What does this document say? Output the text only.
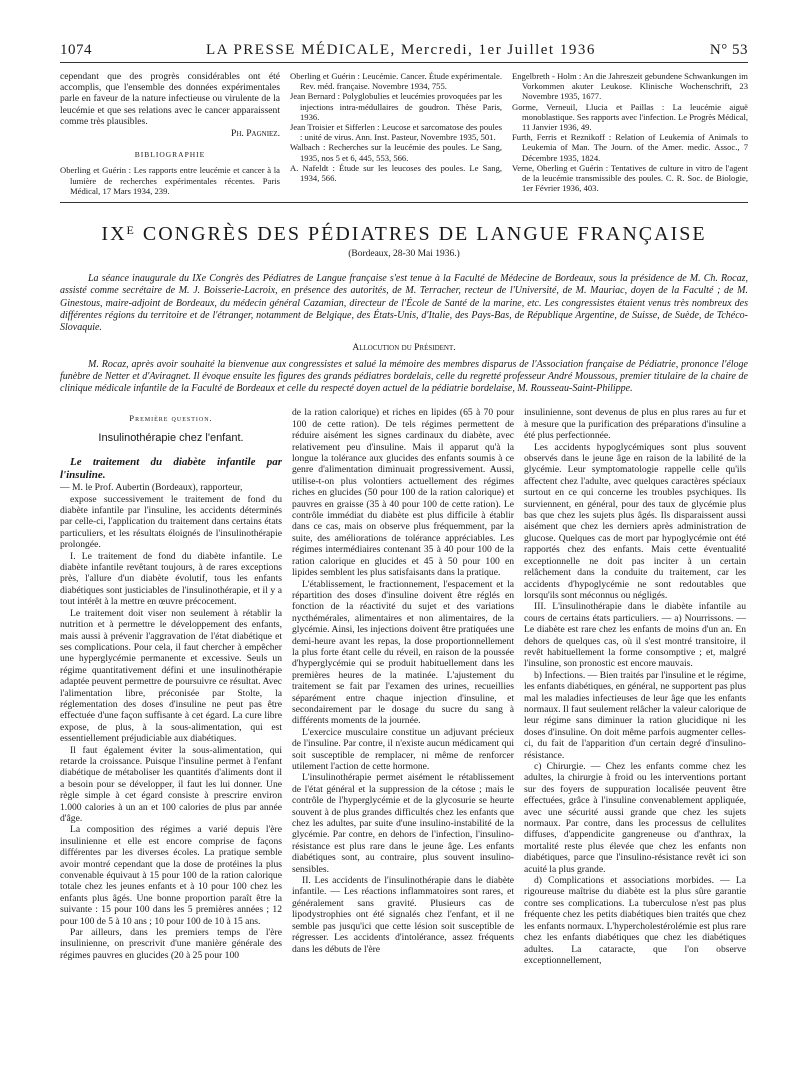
1074	LA PRESSE MÉDICALE, Mercredi, 1er Juillet 1936	N° 53

cependant que des progrès considérables ont été accomplis, que l'ensemble des données expérimentales parle en faveur de la nature infectieuse ou virulente de la leucémie et que ses relations avec le cancer apparaissent comme très plausibles.

Ph. Pagniez.
BIBLIOGRAPHIE

Oberling et Guérin : Les rapports entre leucémie et cancer à la lumière de recherches expérimentales récentes. Paris Médical, 17 Mars 1934, 239.

Oberling et Guérin : Leucémie. Cancer. Étude expérimentale. Rev. méd. française. Novembre 1934, 755.

Jean Bernard : Polyglobulies et leucémies provoquées par les injections intra-médullaires de goudron. Thèse Paris, 1936.

Jean Troisier et Sifferlen : Leucose et sarcomatose des poules : unité de virus. Ann. Inst. Pasteur, Novembre 1935, 501.

Walbach : Recherches sur la leucémie des poules. Le Sang, 1935, nos 5 et 6, 445, 553, 566.

A. Nafeldt : Étude sur les leucoses des poules. Le Sang, 1934, 566.

Engelbreth - Holm : An die Jahreszeit gebundene Schwankungen im Vorkommen akuter Leukose. Klinische Wochenschrift, 23 Novembre 1935, 1677.

Gorme, Verneuil, Llucia et Paillas : La leucémie aiguë monoblastique. Ses rapports avec l'infection. Le Progrès Médical, 11 Janvier 1936, 49.

Furth, Ferris et Reznikoff : Relation of Leukemia of Animals to Leukemia of Man. The Journ. of the Amer. medic. Assoc., 7 Décembre 1935, 1824.

Verne, Oberling et Guérin : Tentatives de culture in vitro de l'agent de la leucémie transmissible des poules. C. R. Soc. de Biologie, 1er Février 1936, 403.

$IX^E$ CONGRÈS DES PÉDIATRES DE LANGUE FRANÇAISE
(Bordeaux, 28-30 Mai 1936.)

La séance inaugurale du IXe Congrès des Pédiatres de Langue française s'est tenue à la Faculté de Médecine de Bordeaux, sous la présidence de M. Ch. Rocaz, assisté comme secrétaire de M. J. Boisserie-Lacroix, en présence des autorités, de M. Terracher, recteur de l'Université, de M. Mauriac, doyen de la Faculté ; de M. Ginestous, maire-adjoint de Bordeaux, du médecin général Cazamian, directeur de l'École de Santé de la marine, etc. Les congressistes étaient venus très nombreux des différentes régions du territoire et de l'étranger, notamment de Belgique, des États-Unis, d'Italie, des Pays-Bas, de République Argentine, de Suisse, de Suède, de Tchéco-Slovaquie.

Allocution du Président.

M. Rocaz, après avoir souhaité la bienvenue aux congressistes et salué la mémoire des membres disparus de l'Association française de Pédiatrie, prononce l'éloge funèbre de Netter et d'Aviragnet. Il évoque ensuite les figures des grands pédiatres bordelais, celle du regretté professeur André Moussous, premier titulaire de la chaire de clinique médicale infantile de la Faculté de Bordeaux et celle du respecté doyen actuel de la pédiatrie bordelaise, M. Rousseau-Saint-Philippe.

Première question.
Insulinothérapie chez l'enfant.

Le traitement du diabète infantile par l'insuline.

— M. le Prof. Aubertin (Bordeaux), rapporteur,

expose successivement le traitement de fond du diabète infantile par l'insuline, les accidents déterminés par celle-ci, l'application du traitement dans certains états particuliers, et les résultats éloignés de l'insulinothérapie prolongée.

I. Le traitement de fond du diabète infantile. Le diabète infantile revêtant toujours, à de rares exceptions près, l'allure d'un diabète évolutif, tous les enfants diabétiques sont justiciables de l'insulinothérapie, et il y a tout intérêt à la mettre en œuvre précocement.

Le traitement doit viser non seulement à rétablir la nutrition et à permettre le développement des enfants, mais aussi à prévenir l'aggravation de l'état diabétique et ses complications. Pour cela, il faut chercher à empêcher une hyperglycémie permanente et excessive. Seuls un régime quantitativement défini et une insulinothérapie adaptée peuvent permettre de poursuivre ce résultat. Avec l'alimentation libre, préconisée par Stolte, la réglementation des doses d'insuline ne peut pas être effectuée d'une façon suffisante à cet égard. La cure libre expose, de plus, à la sous-alimentation, qui est essentiellement préjudiciable aux diabétiques.

Il faut également éviter la sous-alimentation, qui retarde la croissance. Puisque l'insuline permet à l'enfant diabétique de métaboliser les quantités d'aliments dont il a besoin pour se développer, il faut les lui donner. Une règle simple à cet égard consiste à prescrire environ 1.000 calories à un an et 100 calories de plus par année d'âge.

La composition des régimes a varié depuis l'ère insulinienne et elle est encore comprise de façons différentes par les diverses écoles. La pratique semble avoir montré cependant que la dose de protéines la plus convenable équivaut à 15 pour 100 de la ration calorique totale chez les jeunes enfants et à 10 pour 100 chez les enfants plus âgés. Une bonne proportion paraît être la suivante : 15 pour 100 dans les 5 premières années ; 12 pour 100 de 5 à 10 ans ; 10 pour 100 de 10 à 15 ans.

Par ailleurs, dans les premiers temps de l'ère insulinienne, on prescrivit d'une manière générale des régimes pauvres en glucides (20 à 25 pour 100

de la ration calorique) et riches en lipides (65 à 70 pour 100 de cette ration). De tels régimes permettent de réduire aisément les signes cardinaux du diabète, avec relativement peu d'insuline. Mais il apparut qu'à la longue la tolérance aux glucides des enfants soumis à ce genre d'alimentation diminuait progressivement. Aussi, utilise-t-on plus volontiers actuellement des régimes riches en glucides (50 pour 100 de la ration calorique) et pauvres en graisse (35 à 40 pour 100 de cette ration). Le contrôle immédiat du diabète est plus difficile à établir dans ce cas, mais on observe plus fréquemment, par la suite, des améliorations de tolérance appréciables. Les régimes intermédiaires contenant 35 à 40 pour 100 de la ration calorique en glucides et 45 à 50 pour 100 en lipides semblent les plus satisfaisants dans la pratique.

L'établissement, le fractionnement, l'espacement et la répartition des doses d'insuline doivent être réglés en fonction de la réactivité du sujet et des variations nycthémérales, alimentaires et non alimentaires, de la glycémie. Ainsi, les injections doivent être pratiquées une demi-heure avant les repas, la dose proportionnellement la plus forte étant celle du réveil, en raison de la poussée d'hyperglycémie qui se produit habituellement dans les premières heures de la matinée. L'ajustement du traitement se fait par l'examen des urines, recueillies séparément entre chaque injection d'insuline, et secondairement par le dosage du sucre du sang à différents moments de la journée.

L'exercice musculaire constitue un adjuvant précieux de l'insuline. Par contre, il n'existe aucun médicament qui soit susceptible de remplacer, ni même de renforcer utilement l'action de cette hormone.

L'insulinothérapie permet aisément le rétablissement de l'état général et la suppression de la cétose ; mais le contrôle de l'hyperglycémie et de la glycosurie se heurte souvent à de plus grandes difficultés chez les enfants que chez les adultes, par suite d'une insulino-instabilité de la glycémie. Par contre, en dehors de l'infection, l'insulino-résistance est plus rare dans le jeune âge. Les enfants diabétiques sont, au contraire, plus souvent insulino-sensibles.

II. Les accidents de l'insulinothérapie dans le diabète infantile. — Les réactions inflammatoires sont rares, et généralement sans gravité. Plusieurs cas de lipodystrophies ont été signalés chez l'enfant, et il ne semble pas jusqu'ici que cette lésion soit susceptible de régresser. Les accidents d'intolérance, assez fréquents dans les débuts de l'ère

insulinienne, sont devenus de plus en plus rares au fur et à mesure que la purification des préparations d'insuline a été plus perfectionnée.

Les accidents hypoglycémiques sont plus souvent observés dans le jeune âge en raison de la labilité de la glycémie. Leur symptomatologie rappelle celle qu'ils affectent chez l'adulte, avec quelques caractères spéciaux surtout en ce qui concerne les troubles psychiques. Ils surviennent, en général, pour des taux de glycémie plus bas que chez les sujets plus âgés. Ils disparaissent aussi aisément que chez les derniers après administration de glucose. Quelques cas de mort par hypoglycémie ont été rapportés chez des enfants. Mais cette éventualité exceptionnelle ne doit pas inciter à un certain relâchement dans la conduite du traitement, car les accidents d'hypoglycémie ne sont redoutables que lorsqu'ils sont méconnus ou négligés.

III. L'insulinothérapie dans le diabète infantile au cours de certains états particuliers. — a) Nourrissons. — Le diabète est rare chez les enfants de moins d'un an. En dehors de quelques cas, où il s'est montré transitoire, il revêt habituellement la forme consomptive ; et, malgré l'insuline, son pronostic est encore mauvais.

b) Infections. — Bien traités par l'insuline et le régime, les enfants diabétiques, en général, ne supportent pas plus mal les maladies infectieuses de leur âge que les enfants normaux. Il faut seulement relâcher la valeur calorique de leur régime sans diminuer la ration glucidique ni les doses d'insuline. On doit même parfois augmenter celles-ci, du fait de l'apparition d'un certain degré d'insulino-résistance.

c) Chirurgie. — Chez les enfants comme chez les adultes, la chirurgie à froid ou les interventions portant sur des foyers de suppuration localisée peuvent être effectuées, grâce à l'insuline convenablement appliquée, avec une sécurité aussi grande que chez les sujets normaux. Par contre, dans les processus de cellulites diffuses, d'appendicite gangreneuse ou d'anthrax, la mortalité reste plus élevée que chez les enfants non diabétiques, parce que l'insulino-résistance revêt ici son acuité la plus grande.

d) Complications et associations morbides. — La rigoureuse maîtrise du diabète est la plus sûre garantie contre ses complications. La tuberculose n'est pas plus fréquente chez les petits diabétiques bien traités que chez les enfants normaux. L'hypercholestérolémie est plus rare chez les enfants diabétiques que chez les diabétiques adultes. La cataracte, que l'on observe exceptionnellement,
